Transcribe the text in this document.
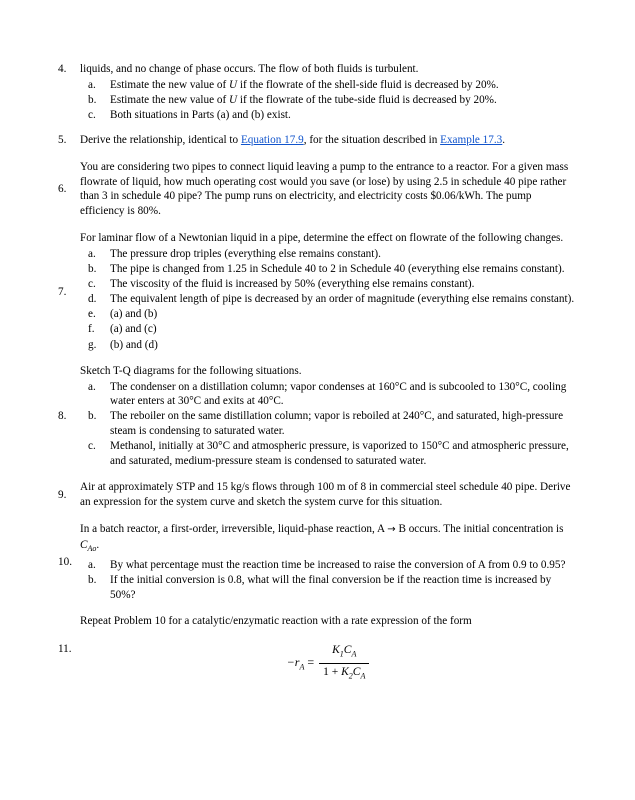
4.	liquids, and no change of phase occurs. The flow of both fluids is turbulent.

a.	Estimate the new value of U if the flowrate of the shell-side fluid is decreased by 20%.
b.	Estimate the new value of U if the flowrate of the tube-side fluid is decreased by 20%.
c.	Both situations in Parts (a) and (b) exist.
5.	Derive the relationship, identical to Equation 17.9, for the situation described in Example 17.3.

6.

You are considering two pipes to connect liquid leaving a pump to the entrance to a reactor. For a given mass flowrate of liquid, how much operating cost would you save (or lose) by using 2.5 in schedule 40 pipe rather than 3 in schedule 40 pipe? The pump runs on electricity, and electricity costs $0.06/kWh. The pump efficiency is 80%.

7.

For laminar flow of a Newtonian liquid in a pipe, determine the effect on flowrate of the following changes.

a.	The pressure drop triples (everything else remains constant).
b.	The pipe is changed from 1.25 in Schedule 40 to 2 in Schedule 40 (everything else remains constant).
c.	The viscosity of the fluid is increased by 50% (everything else remains constant).
d.	The equivalent length of pipe is decreased by an order of magnitude (everything else remains constant).
e.	(a) and (b)
f.	(a) and (c)
g.	(b) and (d)
8.

Sketch T-Q diagrams for the following situations.

a.	The condenser on a distillation column; vapor condenses at 160°C and is subcooled to 130°C, cooling water enters at 30°C and exits at 40°C.
b.	The reboiler on the same distillation column; vapor is reboiled at 240°C, and saturated, high-pressure steam is condensing to saturated water.
c.	Methanol, initially at 30°C and atmospheric pressure, is vaporized to 150°C and atmospheric pressure, and saturated, medium-pressure steam is condensed to saturated water.
9.

Air at approximately STP and 15 kg/s flows through 100 m of 8 in commercial steel schedule 40 pipe. Derive an expression for the system curve and sketch the system curve for this situation.

10.

In a batch reactor, a first-order, irreversible, liquid-phase reaction, A → B occurs. The initial concentration is $C_{Ao}$.

a.	By what percentage must the reaction time be increased to raise the conversion of A from 0.9 to 0.95?
b.	If the initial conversion is 0.8, what will the final conversion be if the reaction time is increased by 50%?
11.

Repeat Problem 10 for a catalytic/enzymatic reaction with a rate expression of the form

$-r_A = \frac{K_1C_A}{1 + K_2C_A}$
